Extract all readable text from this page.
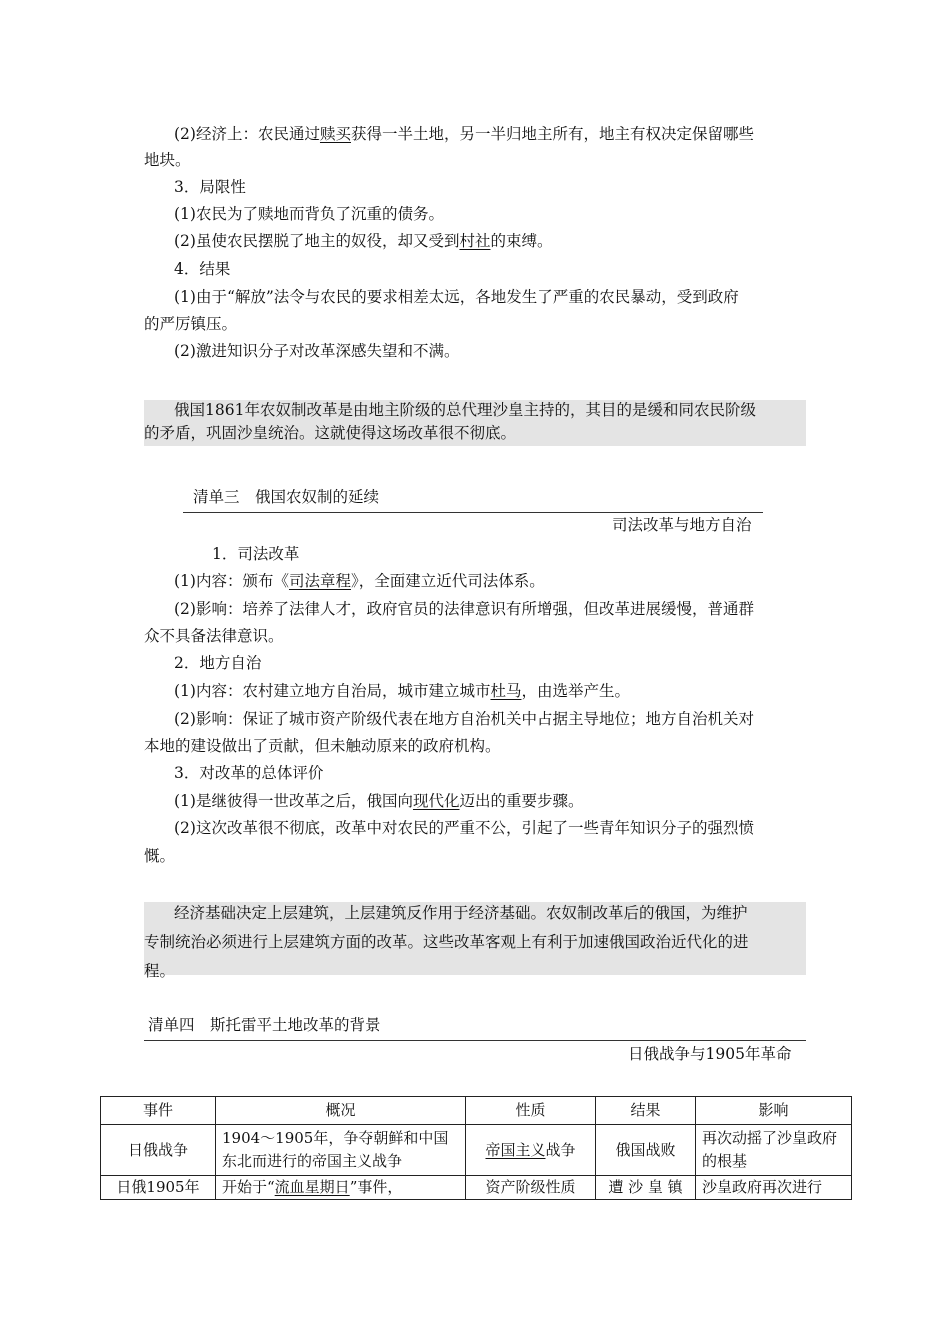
(2)经济上：农民通过赎买获得一半土地，另一半归地主所有，地主有权决定保留哪些
地块。
3．局限性
(1)农民为了赎地而背负了沉重的债务。
(2)虽使农民摆脱了地主的奴役，却又受到村社的束缚。
4．结果
(1)由于“解放”法令与农民的要求相差太远，各地发生了严重的农民暴动，受到政府
的严厉镇压。
(2)激进知识分子对改革深感失望和不满。
俄国1861年农奴制改革是由地主阶级的总代理沙皇主持的，其目的是缓和同农民阶级
的矛盾，巩固沙皇统治。这就使得这场改革很不彻底。
清单三　俄国农奴制的延续
司法改革与地方自治
1．司法改革
(1)内容：颁布《司法章程》，全面建立近代司法体系。
(2)影响：培养了法律人才，政府官员的法律意识有所增强，但改革进展缓慢，普通群
众不具备法律意识。
2．地方自治
(1)内容：农村建立地方自治局，城市建立城市杜马，由选举产生。
(2)影响：保证了城市资产阶级代表在地方自治机关中占据主导地位；地方自治机关对
本地的建设做出了贡献，但未触动原来的政府机构。
3．对改革的总体评价
(1)是继彼得一世改革之后，俄国向现代化迈出的重要步骤。
(2)这次改革很不彻底，改革中对农民的严重不公，引起了一些青年知识分子的强烈愤
慨。
经济基础决定上层建筑，上层建筑反作用于经济基础。农奴制改革后的俄国，为维护
专制统治必须进行上层建筑方面的改革。这些改革客观上有利于加速俄国政治近代化的进
程。
清单四　斯托雷平土地改革的背景
日俄战争与1905年革命
事件	概况	性质	结果	影响
日俄战争	1904～1905年，争夺朝鲜和中国东北而进行的帝国主义战争	帝国主义战争	俄国战败	再次动摇了沙皇政府的根基
日俄1905年	开始于“流血星期日”事件，	资产阶级性质	遭 沙 皇 镇	沙皇政府再次进行
